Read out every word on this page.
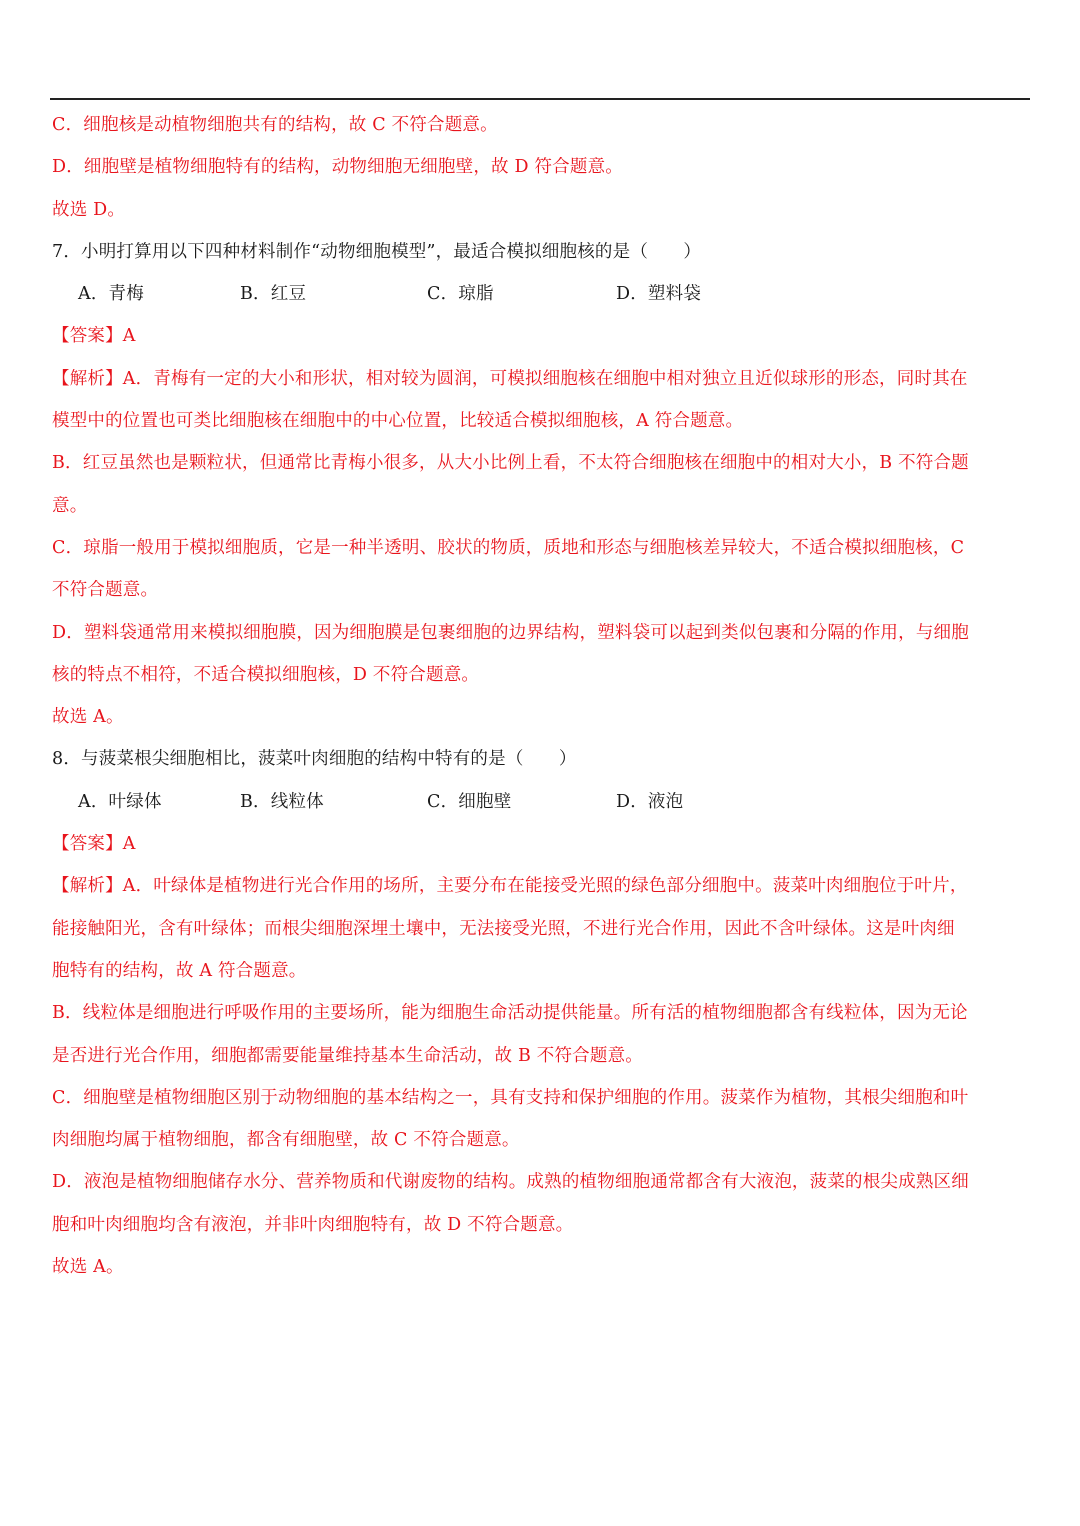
C．细胞核是动植物细胞共有的结构，故 C 不符合题意。
D．细胞壁是植物细胞特有的结构，动物细胞无细胞壁，故 D 符合题意。
故选 D。
7．小明打算用以下四种材料制作“动物细胞模型”，最适合模拟细胞核的是（　　）
A．青梅	B．红豆	C．琼脂	D．塑料袋
【答案】A
【解析】A．青梅有一定的大小和形状，相对较为圆润，可模拟细胞核在细胞中相对独立且近似球形的形态，同时其在
模型中的位置也可类比细胞核在细胞中的中心位置，比较适合模拟细胞核，A 符合题意。
B．红豆虽然也是颗粒状，但通常比青梅小很多，从大小比例上看，不太符合细胞核在细胞中的相对大小，B 不符合题
意。
C．琼脂一般用于模拟细胞质，它是一种半透明、胶状的物质，质地和形态与细胞核差异较大，不适合模拟细胞核，C
不符合题意。
D．塑料袋通常用来模拟细胞膜，因为细胞膜是包裹细胞的边界结构，塑料袋可以起到类似包裹和分隔的作用，与细胞
核的特点不相符，不适合模拟细胞核，D 不符合题意。
故选 A。
8．与菠菜根尖细胞相比，菠菜叶肉细胞的结构中特有的是（　　）
A．叶绿体	B．线粒体	C．细胞壁	D．液泡
【答案】A
【解析】A．叶绿体是植物进行光合作用的场所，主要分布在能接受光照的绿色部分细胞中。菠菜叶肉细胞位于叶片，
能接触阳光，含有叶绿体；而根尖细胞深埋土壤中，无法接受光照，不进行光合作用，因此不含叶绿体。这是叶肉细
胞特有的结构，故 A 符合题意。
B．线粒体是细胞进行呼吸作用的主要场所，能为细胞生命活动提供能量。所有活的植物细胞都含有线粒体，因为无论
是否进行光合作用，细胞都需要能量维持基本生命活动，故 B 不符合题意。
C．细胞壁是植物细胞区别于动物细胞的基本结构之一，具有支持和保护细胞的作用。菠菜作为植物，其根尖细胞和叶
肉细胞均属于植物细胞，都含有细胞壁，故 C 不符合题意。
D．液泡是植物细胞储存水分、营养物质和代谢废物的结构。成熟的植物细胞通常都含有大液泡，菠菜的根尖成熟区细
胞和叶肉细胞均含有液泡，并非叶肉细胞特有，故 D 不符合题意。
故选 A。
